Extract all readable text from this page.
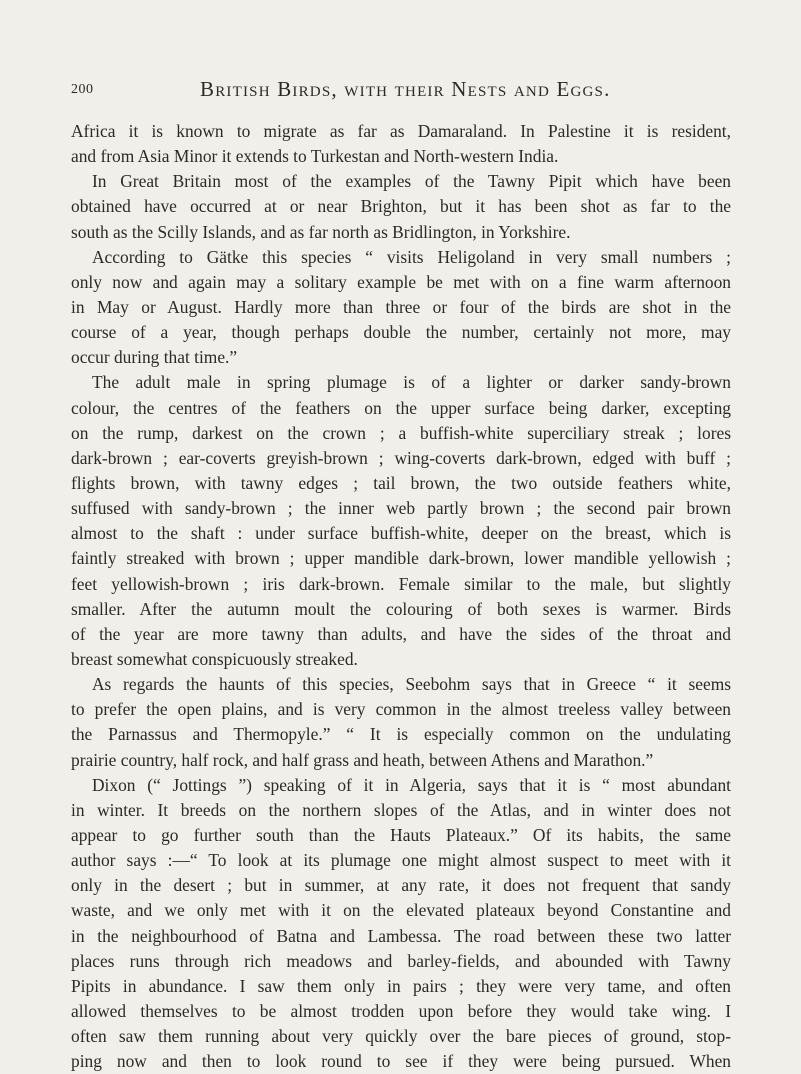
200	British Birds, with their Nests and Eggs.
Africa it is known to migrate as far as Damaraland. In Palestine it is resident,
and from Asia Minor it extends to Turkestan and North-western India.
In Great Britain most of the examples of the Tawny Pipit which have been
obtained have occurred at or near Brighton, but it has been shot as far to the
south as the Scilly Islands, and as far north as Bridlington, in Yorkshire.
According to Gätke this species “ visits Heligoland in very small numbers ;
only now and again may a solitary example be met with on a fine warm afternoon
in May or August. Hardly more than three or four of the birds are shot in the
course of a year, though perhaps double the number, certainly not more, may
occur during that time.”
The adult male in spring plumage is of a lighter or darker sandy-brown
colour, the centres of the feathers on the upper surface being darker, excepting
on the rump, darkest on the crown ; a buffish-white superciliary streak ; lores
dark-brown ; ear-coverts greyish-brown ; wing-coverts dark-brown, edged with buff ;
flights brown, with tawny edges ; tail brown, the two outside feathers white,
suffused with sandy-brown ; the inner web partly brown ; the second pair brown
almost to the shaft : under surface buffish-white, deeper on the breast, which is
faintly streaked with brown ; upper mandible dark-brown, lower mandible yellowish ;
feet yellowish-brown ; iris dark-brown. Female similar to the male, but slightly
smaller. After the autumn moult the colouring of both sexes is warmer. Birds
of the year are more tawny than adults, and have the sides of the throat and
breast somewhat conspicuously streaked.
As regards the haunts of this species, Seebohm says that in Greece “ it seems
to prefer the open plains, and is very common in the almost treeless valley between
the Parnassus and Thermopyle.” “ It is especially common on the undulating
prairie country, half rock, and half grass and heath, between Athens and Marathon.”
Dixon (“ Jottings ”) speaking of it in Algeria, says that it is “ most abundant
in winter. It breeds on the northern slopes of the Atlas, and in winter does not
appear to go further south than the Hauts Plateaux.” Of its habits, the same
author says :—“ To look at its plumage one might almost suspect to meet with it
only in the desert ; but in summer, at any rate, it does not frequent that sandy
waste, and we only met with it on the elevated plateaux beyond Constantine and
in the neighbourhood of Batna and Lambessa. The road between these two latter
places runs through rich meadows and barley-fields, and abounded with Tawny
Pipits in abundance. I saw them only in pairs ; they were very tame, and often
allowed themselves to be almost trodden upon before they would take wing. I
often saw them running about very quickly over the bare pieces of ground, stop-
ping now and then to look round to see if they were being pursued. When
